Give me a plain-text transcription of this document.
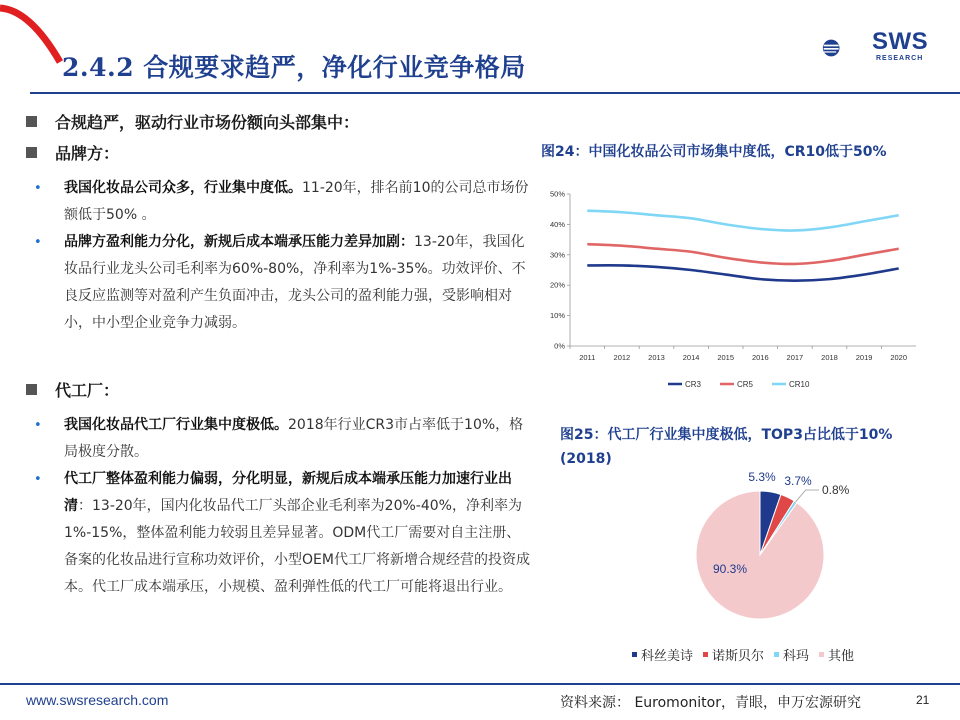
2.4.2 合规要求趋严，净化行业竞争格局
SWS
RESEARCH
合规趋严，驱动行业市场份额向头部集中：
品牌方：
• 我国化妆品公司众多，行业集中度低。11-20年，排名前10的公司总市场份额低于50% 。
• 品牌方盈利能力分化，新规后成本端承压能力差异加剧：13-20年，我国化妆品行业龙头公司毛利率为60%-80%，净利率为1%-35%。功效评价、不良反应监测等对盈利产生负面冲击，龙头公司的盈利能力强，受影响相对小，中小型企业竞争力减弱。
代工厂：
• 我国化妆品代工厂行业集中度极低。2018年行业CR3市占率低于10%，格局极度分散。
• 代工厂整体盈利能力偏弱，分化明显，新规后成本端承压能力加速行业出清：13-20年，国内化妆品代工厂头部企业毛利率为20%-40%，净利率为1%-15%，整体盈利能力较弱且差异显著。ODM代工厂需要对自主注册、备案的化妆品进行宣称功效评价，小型OEM代工厂将新增合规经营的投资成本。代工厂成本端承压，小规模、盈利弹性低的代工厂可能将退出行业。
图24：中国化妆品公司市场集中度低，CR10低于50%
0%
10%
20%
30%
40%
50%
2011 2012 2013 2014 2015 2016 2017 2018 2019 2020
CR3	CR5	CR10
图25：代工厂行业集中度极低，TOP3占比低于10%
(2018)
5.3% 3.7%
0.8%
90.3%
科丝美诗 诺斯贝尔 科玛 其他
www.swsresearch.com	资料来源： Euromonitor，青眼，申万宏源研究	21
